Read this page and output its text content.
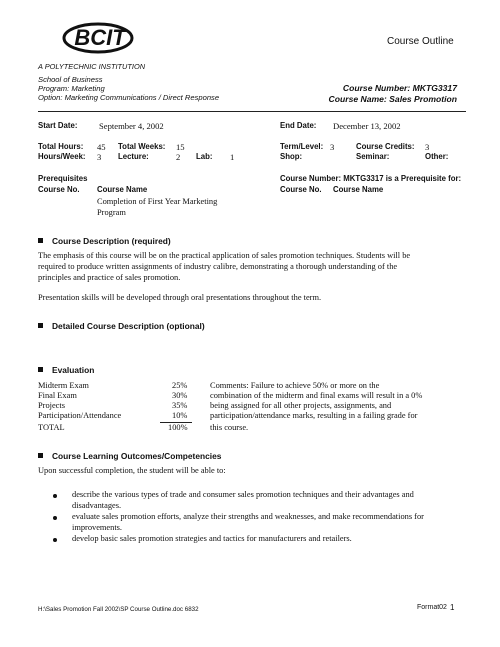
BCIT
A POLYTECHNIC INSTITUTION
Course Outline
School of Business
Program: Marketing
Option: Marketing Communications / Direct Response
Course Number: MKTG3317
Course Name: Sales Promotion
Start Date:	September 4, 2002	End Date: December 13, 2002
Total Hours: 45 Total Weeks: 15	Term/Level: 3	Course Credits: 3
Hours/Week: 3 Lecture:	2 Lab: 1	Shop:	Seminar:	Other:
Prerequisites
Course No. Course Name
Completion of First Year Marketing
Program
Course Number: MKTG3317 is a Prerequisite for:
Course No. Course Name
Course Description (required)
The emphasis of this course will be on the practical application of sales promotion techniques. Students will be
required to produce written assignments of industry calibre, demonstrating a thorough understanding of the
principles and practice of sales promotion.
Presentation skills will be developed through oral presentations throughout the term.
Detailed Course Description (optional)
Evaluation
Midterm Exam	25%
Final Exam	30%
Projects	35%
Participation/Attendance	10%
TOTAL	100%
Comments: Failure to achieve 50% or more on the
combination of the midterm and final exams will result in a 0%
being assigned for all other projects, assignments, and
participation/attendance marks, resulting in a failing grade for
this course.
Course Learning Outcomes/Competencies
Upon successful completion, the student will be able to:
describe the various types of trade and consumer sales promotion techniques and their advantages and
disadvantages.
evaluate sales promotion efforts, analyze their strengths and weaknesses, and make recommendations for
improvements.
develop basic sales promotion strategies and tactics for manufacturers and retailers.
H:\Sales Promotion Fall 2002\SP Course Outline.doc 6832	Format02 1
